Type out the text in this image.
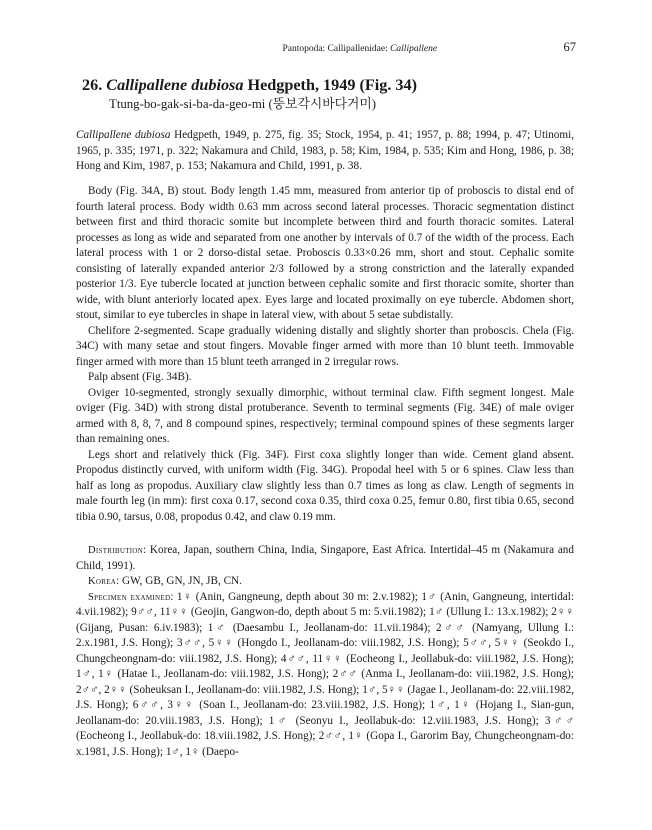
Pantopoda: Callipallenidae: Callipallene	67
26. Callipallene dubiosa Hedgpeth, 1949 (Fig. 34)
Ttung-bo-gak-si-ba-da-geo-mi (뚱보각시바다거미)
Callipallene dubiosa Hedgpeth, 1949, p. 275, fig. 35; Stock, 1954, p. 41; 1957, p. 88; 1994, p. 47; Utinomi, 1965, p. 335; 1971, p. 322; Nakamura and Child, 1983, p. 58; Kim, 1984, p. 535; Kim and Hong, 1986, p. 38; Hong and Kim, 1987, p. 153; Nakamura and Child, 1991, p. 38.

Body (Fig. 34A, B) stout. Body length 1.45 mm, measured from anterior tip of proboscis to distal end of fourth lateral process. Body width 0.63 mm across second lateral processes. Thoracic segmentation distinct between first and third thoracic somite but incomplete between third and fourth thoracic somites. Lateral processes as long as wide and separated from one another by intervals of 0.7 of the width of the process. Each lateral process with 1 or 2 dorso-distal setae. Proboscis 0.33×0.26 mm, short and stout. Cephalic somite consisting of laterally expanded anterior 2/3 followed by a strong constriction and the laterally expanded posterior 1/3. Eye tubercle located at junction between cephalic somite and first thoracic somite, shorter than wide, with blunt anteriorly located apex. Eyes large and located proximally on eye tubercle. Abdomen short, stout, similar to eye tubercles in shape in lateral view, with about 5 setae subdistally.

Chelifore 2-segmented. Scape gradually widening distally and slightly shorter than proboscis. Chela (Fig. 34C) with many setae and stout fingers. Movable finger armed with more than 10 blunt teeth. Immovable finger armed with more than 15 blunt teeth arranged in 2 irregular rows.

Palp absent (Fig. 34B).

Oviger 10-segmented, strongly sexually dimorphic, without terminal claw. Fifth segment longest. Male oviger (Fig. 34D) with strong distal protuberance. Seventh to terminal segments (Fig. 34E) of male oviger armed with 8, 8, 7, and 8 compound spines, respectively; terminal compound spines of these segments larger than remaining ones.

Legs short and relatively thick (Fig. 34F). First coxa slightly longer than wide. Cement gland absent. Propodus distinctly curved, with uniform width (Fig. 34G). Propodal heel with 5 or 6 spines. Claw less than half as long as propodus. Auxiliary claw slightly less than 0.7 times as long as claw. Length of segments in male fourth leg (in mm): first coxa 0.17, second coxa 0.35, third coxa 0.25, femur 0.80, first tibia 0.65, second tibia 0.90, tarsus, 0.08, propodus 0.42, and claw 0.19 mm.

Distribution: Korea, Japan, southern China, India, Singapore, East Africa. Intertidal–45 m (Nakamura and Child, 1991).

Korea: GW, GB, GN, JN, JB, CN.

Specimen examined: 1♀ (Anin, Gangneung, depth about 30 m: 2.v.1982); 1♂ (Anin, Gangneung, intertidal: 4.vii.1982); 9♂♂, 11♀♀ (Geojin, Gangwon-do, depth about 5 m: 5.vii.1982); 1♂ (Ullung I.: 13.x.1982); 2♀♀ (Gijang, Pusan: 6.iv.1983); 1♂ (Daesambu I., Jeollanam-do: 11.vii.1984); 2♂♂ (Namyang, Ullung I.: 2.x.1981, J.S. Hong); 3♂♂, 5♀♀ (Hongdo I., Jeollanam-do: viii.1982, J.S. Hong); 5♂♂, 5♀♀ (Seokdo I., Chungcheongnam-do: viii.1982, J.S. Hong); 4♂♂, 11♀♀ (Eocheong I., Jeollabuk-do: viii.1982, J.S. Hong); 1♂, 1♀ (Hatae I., Jeollanam-do: viii.1982, J.S. Hong); 2♂♂ (Anma I., Jeollanam-do: viii.1982, J.S. Hong); 2♂♂, 2♀♀ (Soheuksan I., Jeollanam-do: viii.1982, J.S. Hong); 1♂, 5♀♀ (Jagae I., Jeollanam-do: 22.viii.1982, J.S. Hong); 6♂♂, 3♀♀ (Soan I., Jeollanam-do: 23.viii.1982, J.S. Hong); 1♂, 1♀ (Hojang I., Sian-gun, Jeollanam-do: 20.viii.1983, J.S. Hong); 1♂ (Seonyu I., Jeollabuk-do: 12.viii.1983, J.S. Hong); 3♂♂ (Eocheong I., Jeollabuk-do: 18.viii.1982, J.S. Hong); 2♂♂, 1♀ (Gopa I., Garorim Bay, Chungcheongnam-do: x.1981, J.S. Hong); 1♂, 1♀ (Daepo-
